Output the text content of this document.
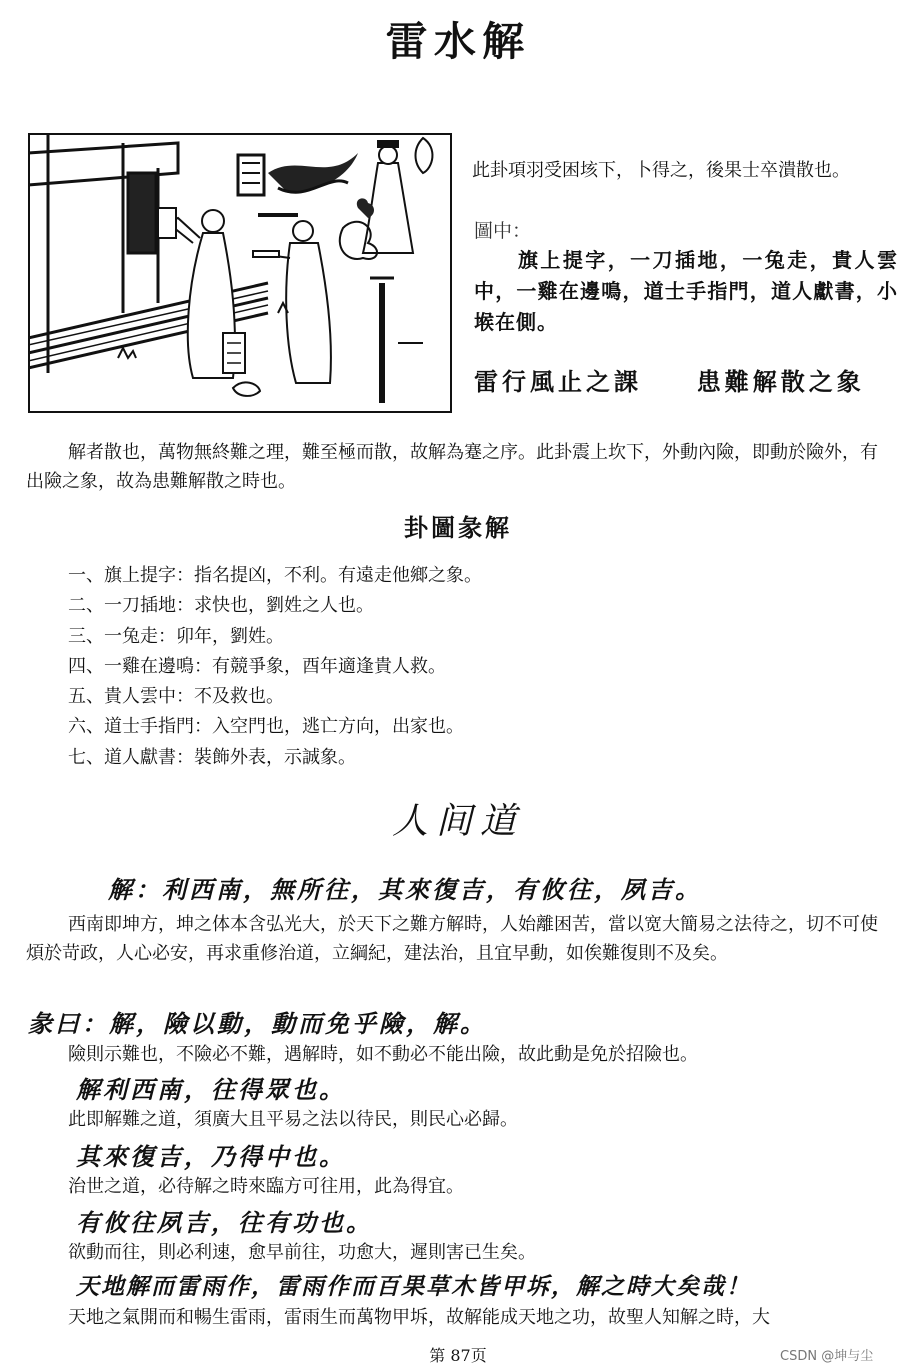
雷水解
此卦項羽受困垓下，卜得之，後果士卒潰散也。
圖中：
旗上提字，一刀插地，一兔走，貴人雲中，一雞在邊鳴，道士手指門，道人獻書，小堠在側。
雷行風止之課 患難解散之象
解者散也，萬物無終難之理，難至極而散，故解為蹇之序。此卦震上坎下，外動內險，即動於險外，有出險之象，故為患難解散之時也。
卦圖彖解
一、旗上提字：指名提凶，不利。有遠走他鄉之象。
二、一刀插地：求快也，劉姓之人也。
三、一兔走：卯年，劉姓。
四、一雞在邊鳴：有競爭象，酉年適逢貴人救。
五、貴人雲中：不及救也。
六、道士手指門：入空門也，逃亡方向，出家也。
七、道人獻書：裝飾外表，示誠象。
人间道
解：利西南，無所往，其來復吉，有攸往，夙吉。
西南即坤方，坤之体本含弘光大，於天下之難方解時，人始離困苦，當以宽大簡易之法待之，切不可使煩於苛政，人心必安，再求重修治道，立綱紀，建法治，且宜早動，如俟難復則不及矣。
彖曰：解，險以動，動而免乎險，解。
險則示難也，不險必不難，遇解時，如不動必不能出險，故此動是免於招險也。
解利西南，往得眾也。
此即解難之道，須廣大且平易之法以待民，則民心必歸。
其來復吉，乃得中也。
治世之道，必待解之時來臨方可往用，此為得宜。
有攸往夙吉，往有功也。
欲動而往，則必利速，愈早前往，功愈大，遲則害已生矣。
天地解而雷雨作，雷雨作而百果草木皆甲坼，解之時大矣哉！
天地之氣開而和暢生雷雨，雷雨生而萬物甲坼，故解能成天地之功，故聖人知解之時，大
第 87页	CSDN @坤与尘
